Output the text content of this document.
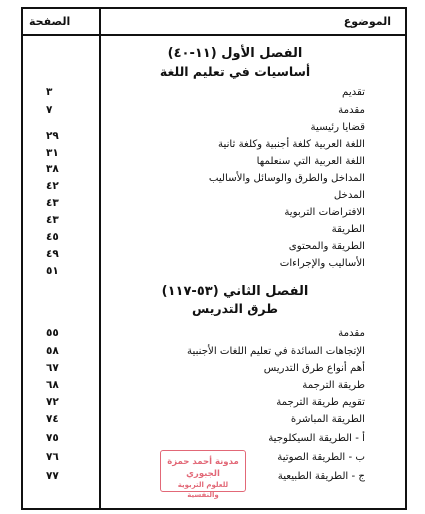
الموضوع
الصفحة
الفصل الأول (١١-٤٠)
أساسيات في تعليم اللغة
تقديم
٣
مقدمة
٧
قضايا رئيسية
اللغة العربية كلغة أجنبية وكلغة ثانية
٢٩
اللغة العربية التي سنعلمها
٣١
المداخل والطرق والوسائل والأساليب
٣٨
المدخل
٤٢
الافتراضات التربوية
٤٣
الطريقة
٤٣
الطريقة والمحتوى
٤٥
الأساليب والإجراءات
٤٩
٥١
الفصل الثاني (٥٣-١١٧)
طرق التدريس
مقدمة
٥٥
الإتجاهات السائدة في تعليم اللغات الأجنبية
٥٨
أهم أنواع طرق التدريس
٦٧
طريقة الترجمة
٦٨
تقويم طريقة الترجمة
٧٢
الطريقة المباشرة
٧٤
أ - الطريقة السيكلوجية
٧٥
ب - الطريقة الصوتية
٧٦
ج - الطريقة الطبيعية
٧٧
مدونة أحمد حمزة الجبوري
للعلوم التربوية والنفسية
